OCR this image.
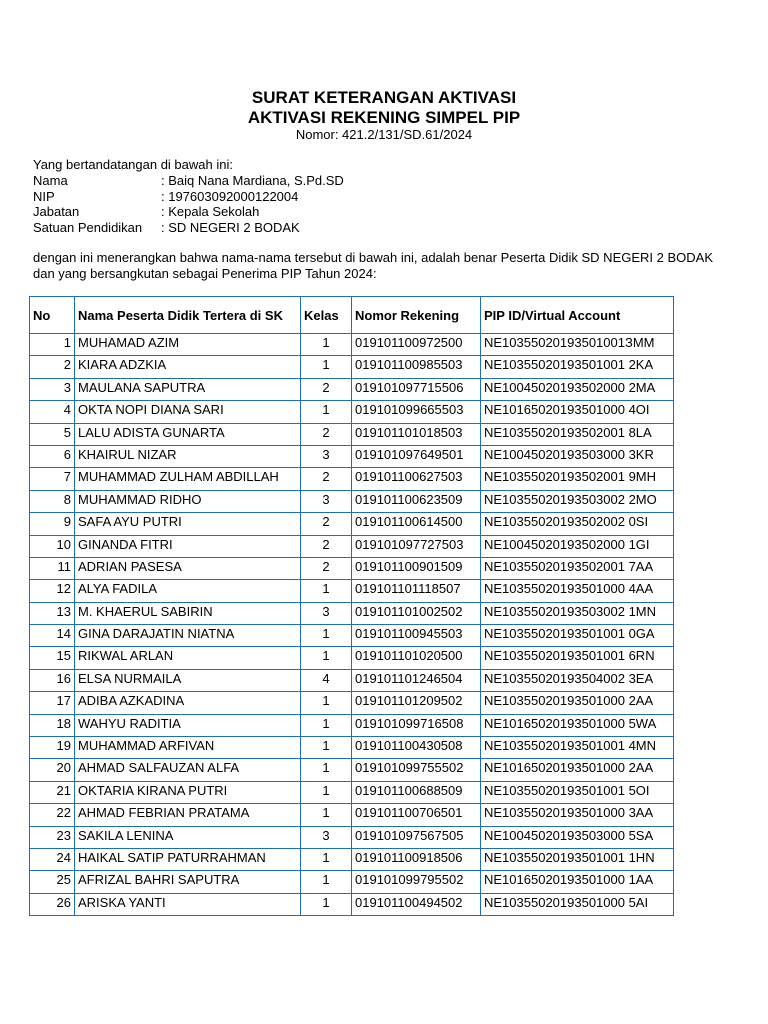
SURAT KETERANGAN AKTIVASI
AKTIVASI REKENING SIMPEL PIP
Nomor: 421.2/131/SD.61/2024
Yang bertandatangan di bawah ini:
Nama	: Baiq Nana Mardiana, S.Pd.SD
NIP	: 197603092000122004
Jabatan	: Kepala Sekolah
Satuan Pendidikan	: SD NEGERI 2 BODAK
dengan ini menerangkan bahwa nama-nama tersebut di bawah ini, adalah benar Peserta Didik SD NEGERI 2 BODAK dan yang bersangkutan sebagai Penerima PIP Tahun 2024:
No	Nama Peserta Didik Tertera di SK	Kelas	Nomor Rekening	PIP ID/Virtual Account
1	MUHAMAD AZIM	1	019101100972500	NE10355020193501001ЗMM
2	KIARA ADZKIA	1	019101100985503	NE10355020193501001 2KA
3	MAULANA SAPUTRA	2	019101097715506	NE10045020193502000 2MA
4	OKTA NOPI DIANA SARI	1	019101099665503	NE10165020193501000 4OI
5	LALU ADISTA GUNARTA	2	019101101018503	NE10355020193502001 8LA
6	KHAIRUL NIZAR	3	019101097649501	NE10045020193503000 3KR
7	MUHAMMAD ZULHAM ABDILLAH	2	019101100627503	NE10355020193502001 9MH
8	MUHAMMAD RIDHO	3	019101100623509	NE10355020193503002 2MO
9	SAFA AYU PUTRI	2	019101100614500	NE10355020193502002 0SI
10	GINANDA FITRI	2	019101097727503	NE10045020193502000 1GI
11	ADRIAN PASESA	2	019101100901509	NE10355020193502001 7AA
12	ALYA FADILA	1	019101101118507	NE10355020193501000 4AA
13	M. KHAERUL SABIRIN	3	019101101002502	NE10355020193503002 1MN
14	GINA DARAJATIN NIATNA	1	019101100945503	NE10355020193501001 0GA
15	RIKWAL ARLAN	1	019101101020500	NE10355020193501001 6RN
16	ELSA NURMAILA	4	019101101246504	NE10355020193504002 3EA
17	ADIBA AZKADINA	1	019101101209502	NE10355020193501000 2AA
18	WAHYU RADITIA	1	019101099716508	NE10165020193501000 5WA
19	MUHAMMAD ARFIVAN	1	019101100430508	NE10355020193501001 4MN
20	AHMAD SALFAUZAN ALFA	1	019101099755502	NE10165020193501000 2AA
21	OKTARIA KIRANA PUTRI	1	019101100688509	NE10355020193501001 5OI
22	AHMAD FEBRIAN PRATAMA	1	019101100706501	NE10355020193501000 3AA
23	SAKILA LENINA	3	019101097567505	NE10045020193503000 5SA
24	HAIKAL SATIP PATURRAHMAN	1	019101100918506	NE10355020193501001 1HN
25	AFRIZAL BAHRI SAPUTRA	1	019101099795502	NE10165020193501000 1AA
26	ARISKA YANTI	1	019101100494502	NE10355020193501000 5AI
